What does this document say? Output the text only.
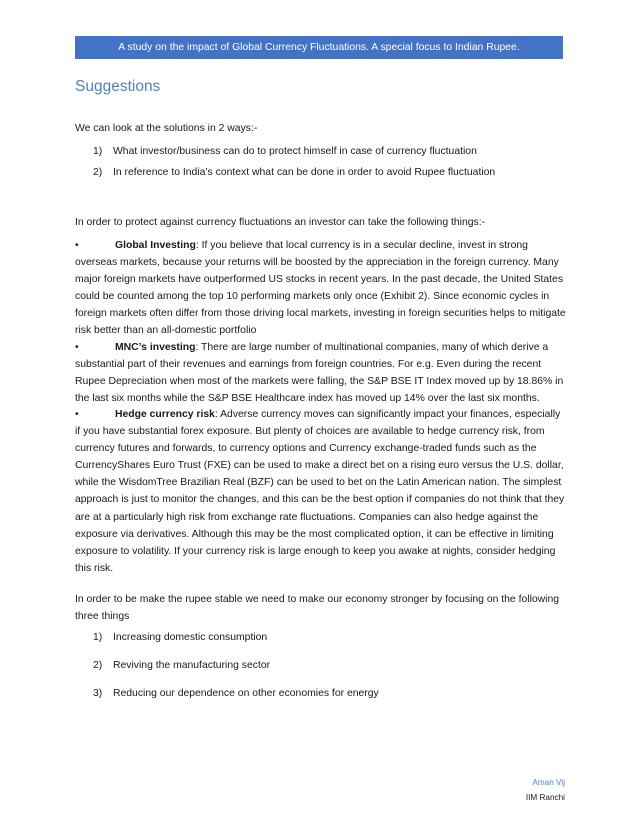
A study on the impact of Global Currency Fluctuations. A special focus to Indian Rupee.
Suggestions
We can look at the solutions in 2 ways:-
1) What investor/business can do to protect himself in case of currency fluctuation
2) In reference to India’s context what can be done in order to avoid Rupee fluctuation
In order to protect against currency fluctuations an investor can take the following things:-
•	Global Investing: If you believe that local currency is in a secular decline, invest in strong overseas markets, because your returns will be boosted by the appreciation in the foreign currency. Many major foreign markets have outperformed US stocks in recent years. In the past decade, the United States could be counted among the top 10 performing markets only once (Exhibit 2). Since economic cycles in foreign markets often differ from those driving local markets, investing in foreign securities helps to mitigate risk better than an all-domestic portfolio
•	MNC’s investing: There are large number of multinational companies, many of which derive a substantial part of their revenues and earnings from foreign countries. For e.g. Even during the recent Rupee Depreciation when most of the markets were falling, the S&P BSE IT Index moved up by 18.86% in the last six months while the S&P BSE Healthcare index has moved up 14% over the last six months.
•	Hedge currency risk: Adverse currency moves can significantly impact your finances, especially if you have substantial forex exposure. But plenty of choices are available to hedge currency risk, from currency futures and forwards, to currency options and Currency exchange-traded funds such as the CurrencyShares Euro Trust (FXE) can be used to make a direct bet on a rising euro versus the U.S. dollar, while the WisdomTree Brazilian Real (BZF) can be used to bet on the Latin American nation. The simplest approach is just to monitor the changes, and this can be the best option if companies do not think that they are at a particularly high risk from exchange rate fluctuations. Companies can also hedge against the exposure via derivatives. Although this may be the most complicated option, it can be effective in limiting exposure to volatility. If your currency risk is large enough to keep you awake at nights, consider hedging this risk.
In order to be make the rupee stable we need to make our economy stronger by focusing on the following three things
1) Increasing domestic consumption
2) Reviving the manufacturing sector
3) Reducing our dependence on other economies for energy
Aman Vij
IIM Ranchi
